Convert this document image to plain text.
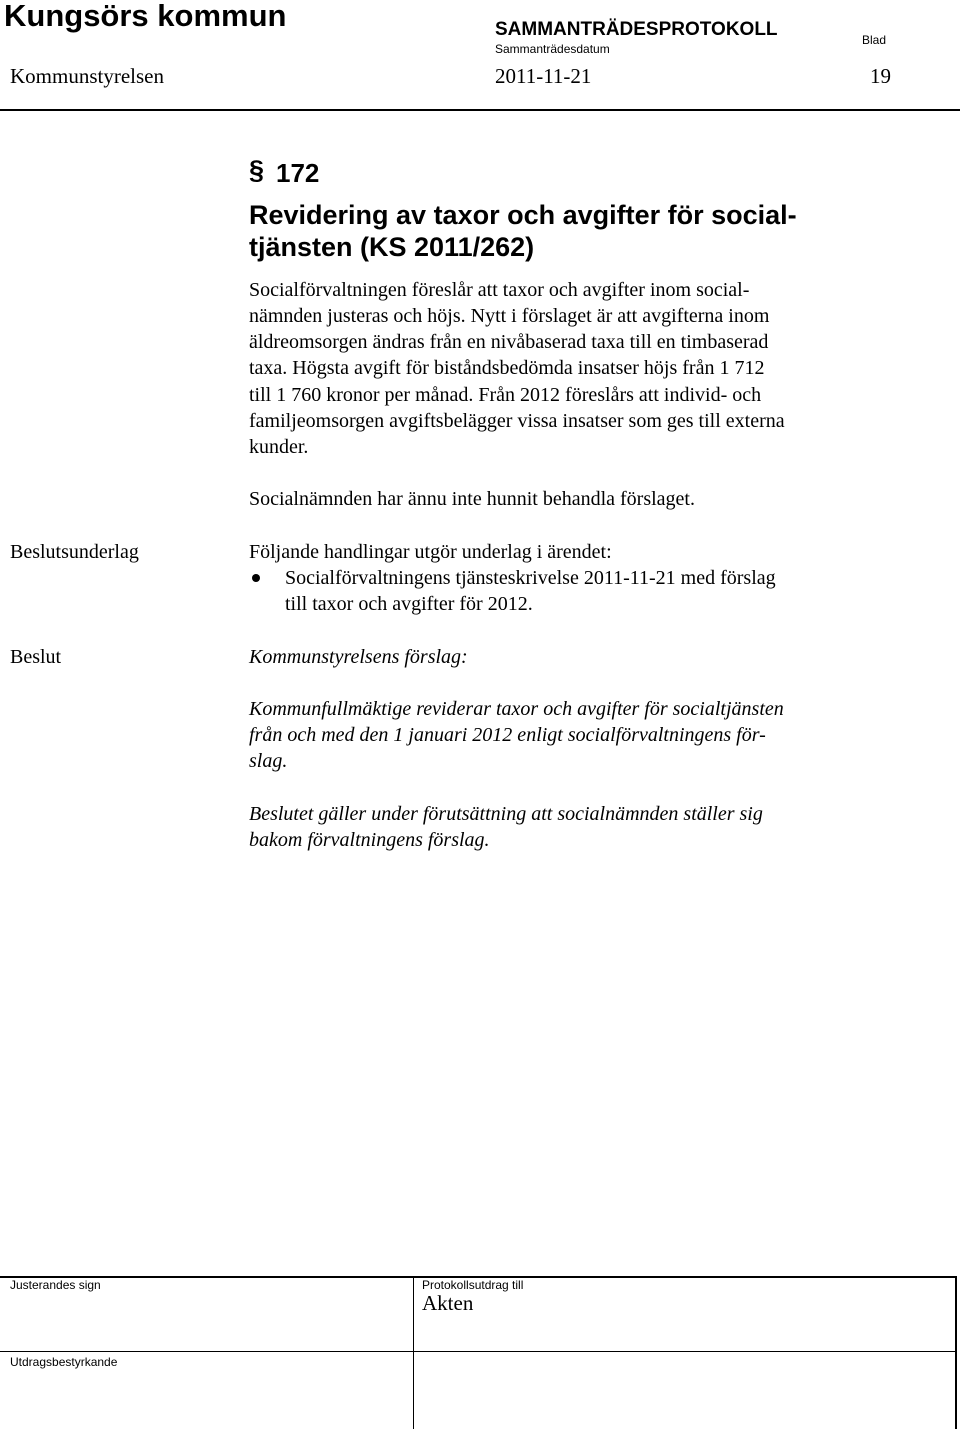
Kungsörs kommun	SAMMANTRÄDESPROTOKOLL
Sammanträdesdatum
Blad
Kommunstyrelsen	2011-11-21	19
§ 172
Revidering av taxor och avgifter för social-
tjänsten (KS 2011/262)
Socialförvaltningen föreslår att taxor och avgifter inom social-
nämnden justeras och höjs. Nytt i förslaget är att avgifterna inom
äldreomsorgen ändras från en nivåbaserad taxa till en timbaserad
taxa. Högsta avgift för biståndsbedömda insatser höjs från 1 712
till 1 760 kronor per månad. Från 2012 föreslårs att individ- och
familjeomsorgen avgiftsbelägger vissa insatser som ges till externa
kunder.
Socialnämnden har ännu inte hunnit behandla förslaget.
Beslutsunderlag	Följande handlingar utgör underlag i ärendet:
Socialförvaltningens tjänsteskrivelse 2011-11-21 med förslag
till taxor och avgifter för 2012.
Beslut	Kommunstyrelsens förslag:
Kommunfullmäktige reviderar taxor och avgifter för socialtjänsten
från och med den 1 januari 2012 enligt socialförvaltningens för-
slag.
Beslutet gäller under förutsättning att socialnämnden ställer sig
bakom förvaltningens förslag.
Justerandes sign	Protokollsutdrag till
Akten
Utdragsbestyrkande
